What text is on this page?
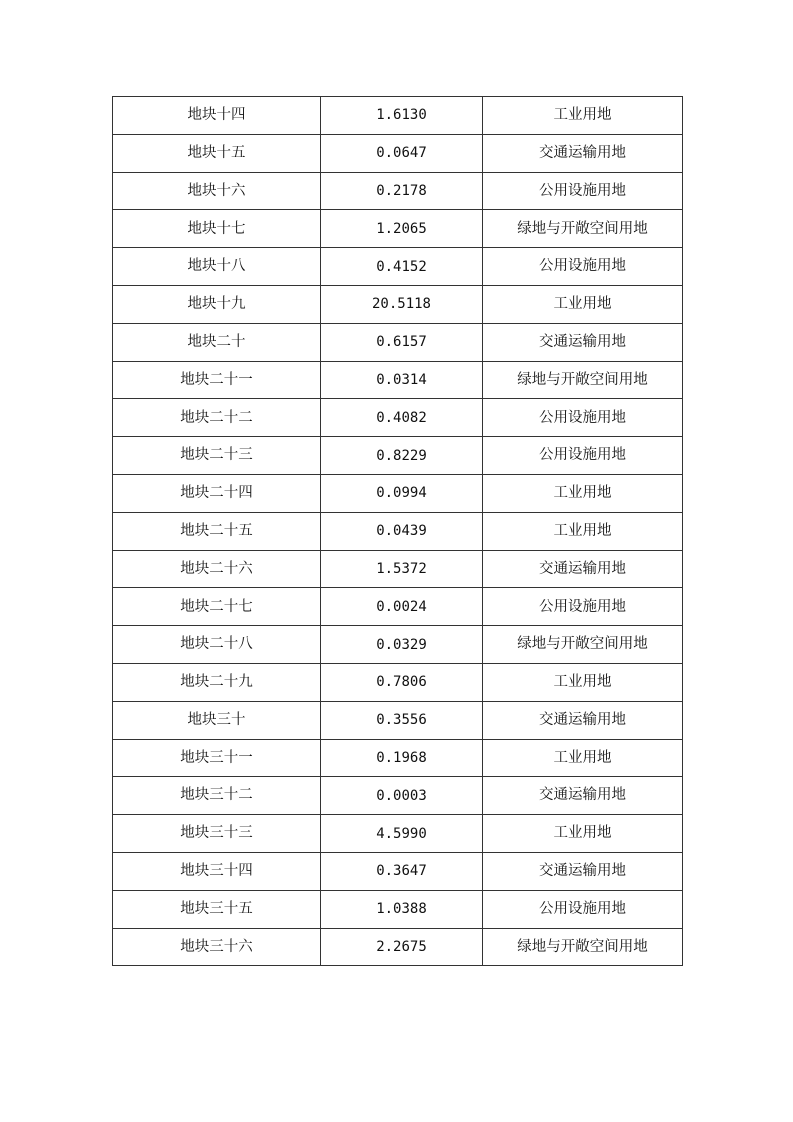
地块十四	1.6130	工业用地
地块十五	0.0647	交通运输用地
地块十六	0.2178	公用设施用地
地块十七	1.2065	绿地与开敞空间用地
地块十八	0.4152	公用设施用地
地块十九	20.5118	工业用地
地块二十	0.6157	交通运输用地
地块二十一	0.0314	绿地与开敞空间用地
地块二十二	0.4082	公用设施用地
地块二十三	0.8229	公用设施用地
地块二十四	0.0994	工业用地
地块二十五	0.0439	工业用地
地块二十六	1.5372	交通运输用地
地块二十七	0.0024	公用设施用地
地块二十八	0.0329	绿地与开敞空间用地
地块二十九	0.7806	工业用地
地块三十	0.3556	交通运输用地
地块三十一	0.1968	工业用地
地块三十二	0.0003	交通运输用地
地块三十三	4.5990	工业用地
地块三十四	0.3647	交通运输用地
地块三十五	1.0388	公用设施用地
地块三十六	2.2675	绿地与开敞空间用地
